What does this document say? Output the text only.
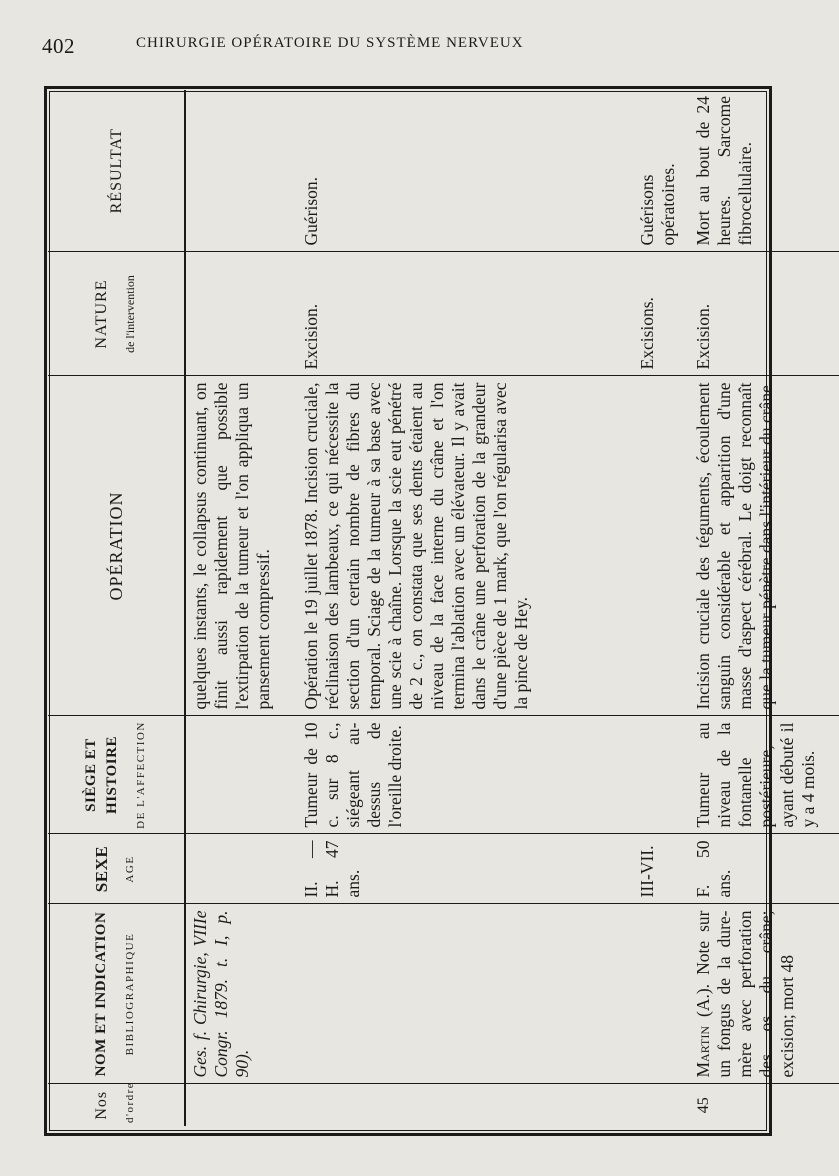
402	CHIRURGIE OPÉRATOIRE DU SYSTÈME NERVEUX
Nos d'ordre	NOM ET INDICATION BIBLIOGRAPHIQUE	SEXE AGE	SIÈGE ET HISTOIRE DE L'AFFECTION	OPÉRATION	NATURE de l'intervention	RÉSULTAT

	Ges. f. Chirurgie, VIIIe Congr. 1879. t. I, p. 90).			quelques instants, le collapsus continuant, on finit aussi rapidement que possible l'extirpation de la tumeur et l'on appliqua un pansement compressif.		
		II. — H. 47 ans.	Tumeur de 10 c. sur 8 c., siégeant au-dessus de l'oreille droite.	Opération le 19 juillet 1878. Incision cruciale, réclinaison des lambeaux, ce qui nécessite la section d'un certain nombre de fibres du temporal. Sciage de la tumeur à sa base avec une scie à chaîne. Lorsque la scie eut pénétré de 2 c., on constata que ses dents étaient au niveau de la face interne du crâne et l'on termina l'ablation avec un élévateur. Il y avait dans le crâne une perforation de la grandeur d'une pièce de 1 mark, que l'on régularisa avec la pince de Hey.	Excision.	Guérison.
		III-VII.			Excisions.	Guérisons opératoires.
45	Martin (A.). Note sur un fongus de la dure-mère avec perforation des os du crâne; excision; mort 48	F. 50 ans.	Tumeur au niveau de la fontanelle postérieure, ayant débuté il y a 4 mois.	Incision cruciale des téguments, écoulement sanguin considérable et apparition d'une masse d'aspect cérébral. Le doigt reconnaît que la tumeur pénètre dans l'intérieur du crâne	Excision.	Mort au bout de 24 heures. Sarcome fibrocellulaire.
